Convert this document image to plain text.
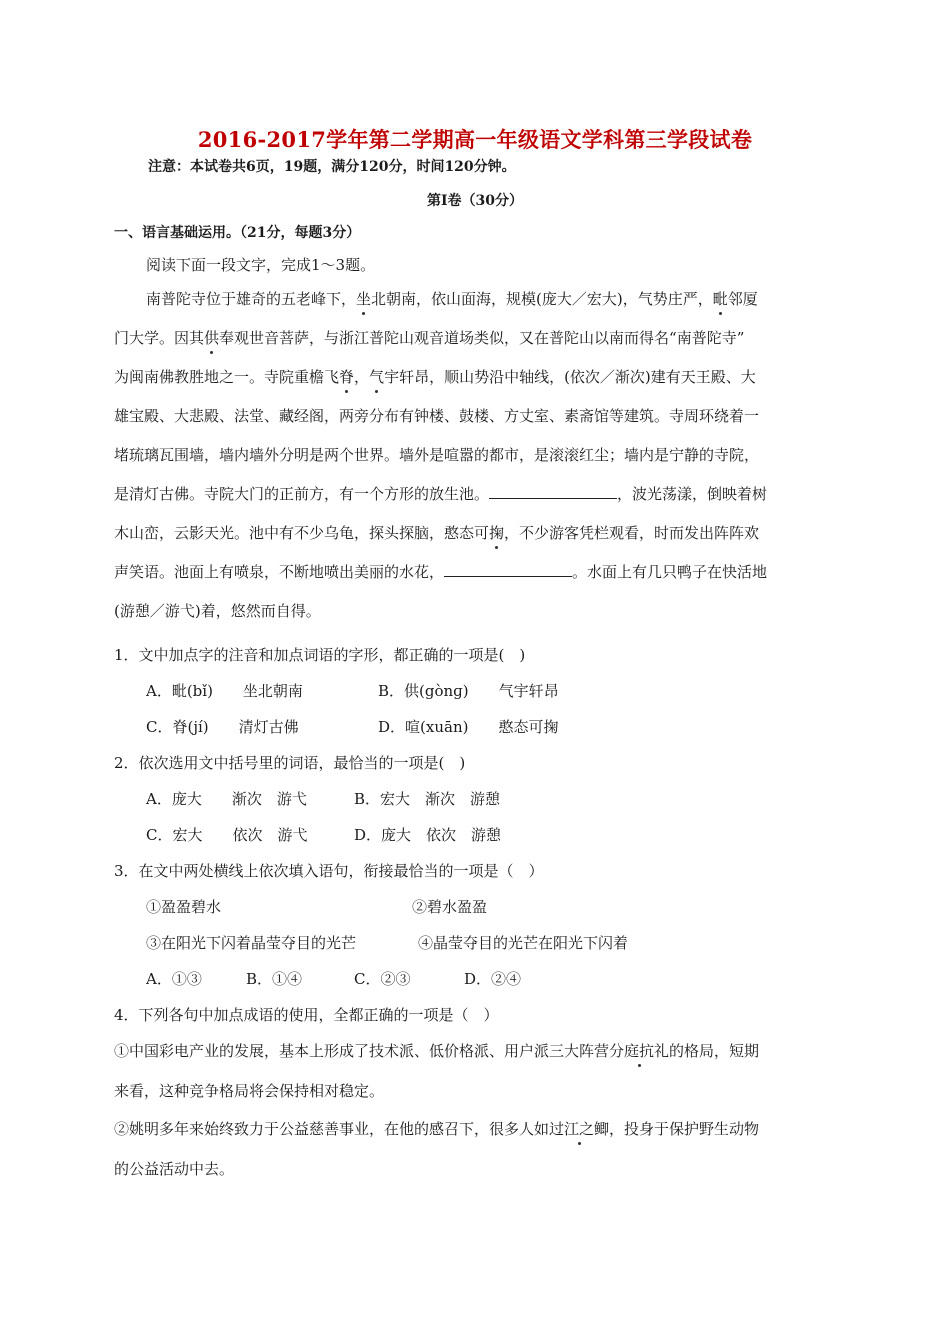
2016-2017学年第二学期高一年级语文学科第三学段试卷
注意：本试卷共6页，19题，满分120分，时间120分钟。
第I卷（30分）
一、语言基础运用。（21分，每题3分）
阅读下面一段文字，完成1～3题。
南普陀寺位于雄奇的五老峰下，坐北朝南，依山面海，规模(庞大／宏大)，气势庄严，毗邻厦
门大学。因其供奉观世音菩萨，与浙江普陀山观音道场类似，又在普陀山以南而得名“南普陀寺”
为闽南佛教胜地之一。寺院重檐飞脊，气宇轩昂，顺山势沿中轴线，(依次／渐次)建有天王殿、大
雄宝殿、大悲殿、法堂、藏经阁，两旁分布有钟楼、鼓楼、方丈室、素斋馆等建筑。寺周环绕着一
堵琉璃瓦围墙，墙内墙外分明是两个世界。墙外是喧嚣的都市，是滚滚红尘；墙内是宁静的寺院，
是清灯古佛。寺院大门的正前方，有一个方形的放生池。	，波光荡漾，倒映着树
木山峦，云影天光。池中有不少乌龟，探头探脑，憨态可掬，不少游客凭栏观看，时而发出阵阵欢
声笑语。池面上有喷泉，不断地喷出美丽的水花，	。水面上有几只鸭子在快活地
(游憩／游弋)着，悠然而自得。
1．文中加点字的注音和加点词语的字形，都正确的一项是(　)
A．毗(bǐ)　　坐北朝南	B．供(gònɡ)　　气宇轩昂
C．脊(jí)　　清灯古佛	D．喧(xuān)　　憨态可掬
2．依次选用文中括号里的词语，最恰当的一项是(　)
A．庞大　　渐次　游弋	B．宏大　渐次　游憩
C．宏大　　依次　游弋	D．庞大　依次　游憩
3．在文中两处横线上依次填入语句，衔接最恰当的一项是（　）
①盈盈碧水	②碧水盈盈
③在阳光下闪着晶莹夺目的光芒	④晶莹夺目的光芒在阳光下闪着
A．①③	B．①④	C．②③	D．②④
4．下列各句中加点成语的使用，全都正确的一项是（　）
①中国彩电产业的发展，基本上形成了技术派、低价格派、用户派三大阵营分庭抗礼的格局，短期
来看，这种竞争格局将会保持相对稳定。
②姚明多年来始终致力于公益慈善事业，在他的感召下，很多人如过江之鲫，投身于保护野生动物
的公益活动中去。
